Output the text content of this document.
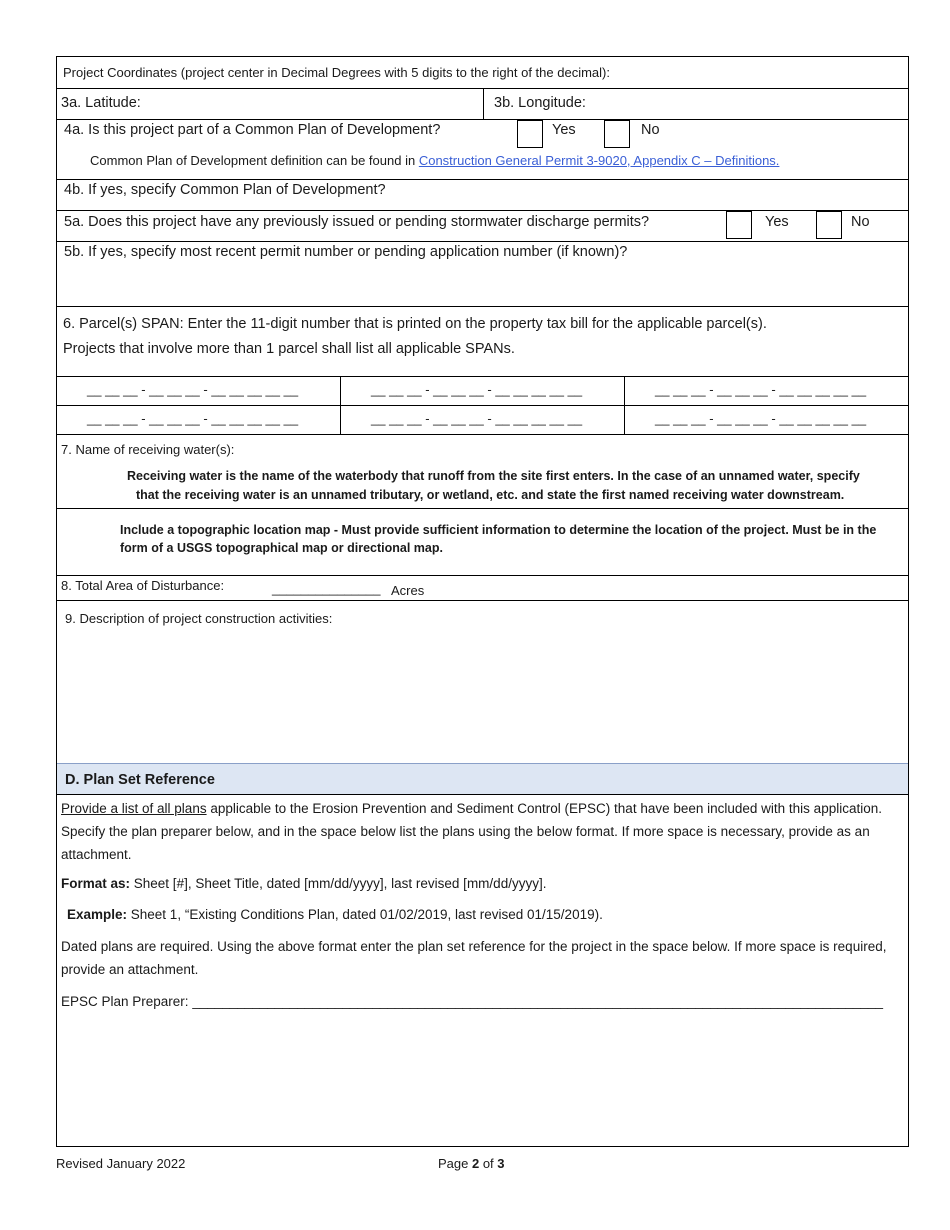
Project Coordinates (project center in Decimal Degrees with 5 digits to the right of the decimal):
3a. Latitude:	3b. Longitude:
4a. Is this project part of a Common Plan of Development?	Yes	No
Common Plan of Development definition can be found in Construction General Permit 3-9020, Appendix C – Definitions.
4b. If yes, specify Common Plan of Development?
5a. Does this project have any previously issued or pending stormwater discharge permits?	Yes	No
5b. If yes, specify most recent permit number or pending application number (if known)?
6. Parcel(s) SPAN: Enter the 11-digit number that is printed on the property tax bill for the applicable parcel(s).
Projects that involve more than 1 parcel shall list all applicable SPANs.
__ __ __ - __ __ __ - __ __ __ __ __	__ __ __ - __ __ __ - __ __ __ __ __	__ __ __ - __ __ __ - __ __ __ __ __
__ __ __ - __ __ __ - __ __ __ __ __	__ __ __ - __ __ __ - __ __ __ __ __	__ __ __ - __ __ __ - __ __ __ __ __
7. Name of receiving water(s):
Receiving water is the name of the waterbody that runoff from the site first enters. In the case of an unnamed water, specify
that the receiving water is an unnamed tributary, or wetland, etc. and state the first named receiving water downstream.
Include a topographic location map - Must provide sufficient information to determine the location of the project. Must be in the
form of a USGS topographical map or directional map.
8. Total Area of Disturbance:	_______________ Acres
9. Description of project construction activities:
D. Plan Set Reference
Provide a list of all plans applicable to the Erosion Prevention and Sediment Control (EPSC) that have been included with this application. Specify the plan preparer below, and in the space below list the plans using the below format. If more space is necessary, provide as an attachment.
Format as: Sheet [#], Sheet Title, dated [mm/dd/yyyy], last revised [mm/dd/yyyy].
Example: Sheet 1, “Existing Conditions Plan, dated 01/02/2019, last revised 01/15/2019).
Dated plans are required. Using the above format enter the plan set reference for the project in the space below. If more space is required, provide an attachment.
EPSC Plan Preparer: ____________________________________________________________________________________________
Revised January 2022	Page 2 of 3
